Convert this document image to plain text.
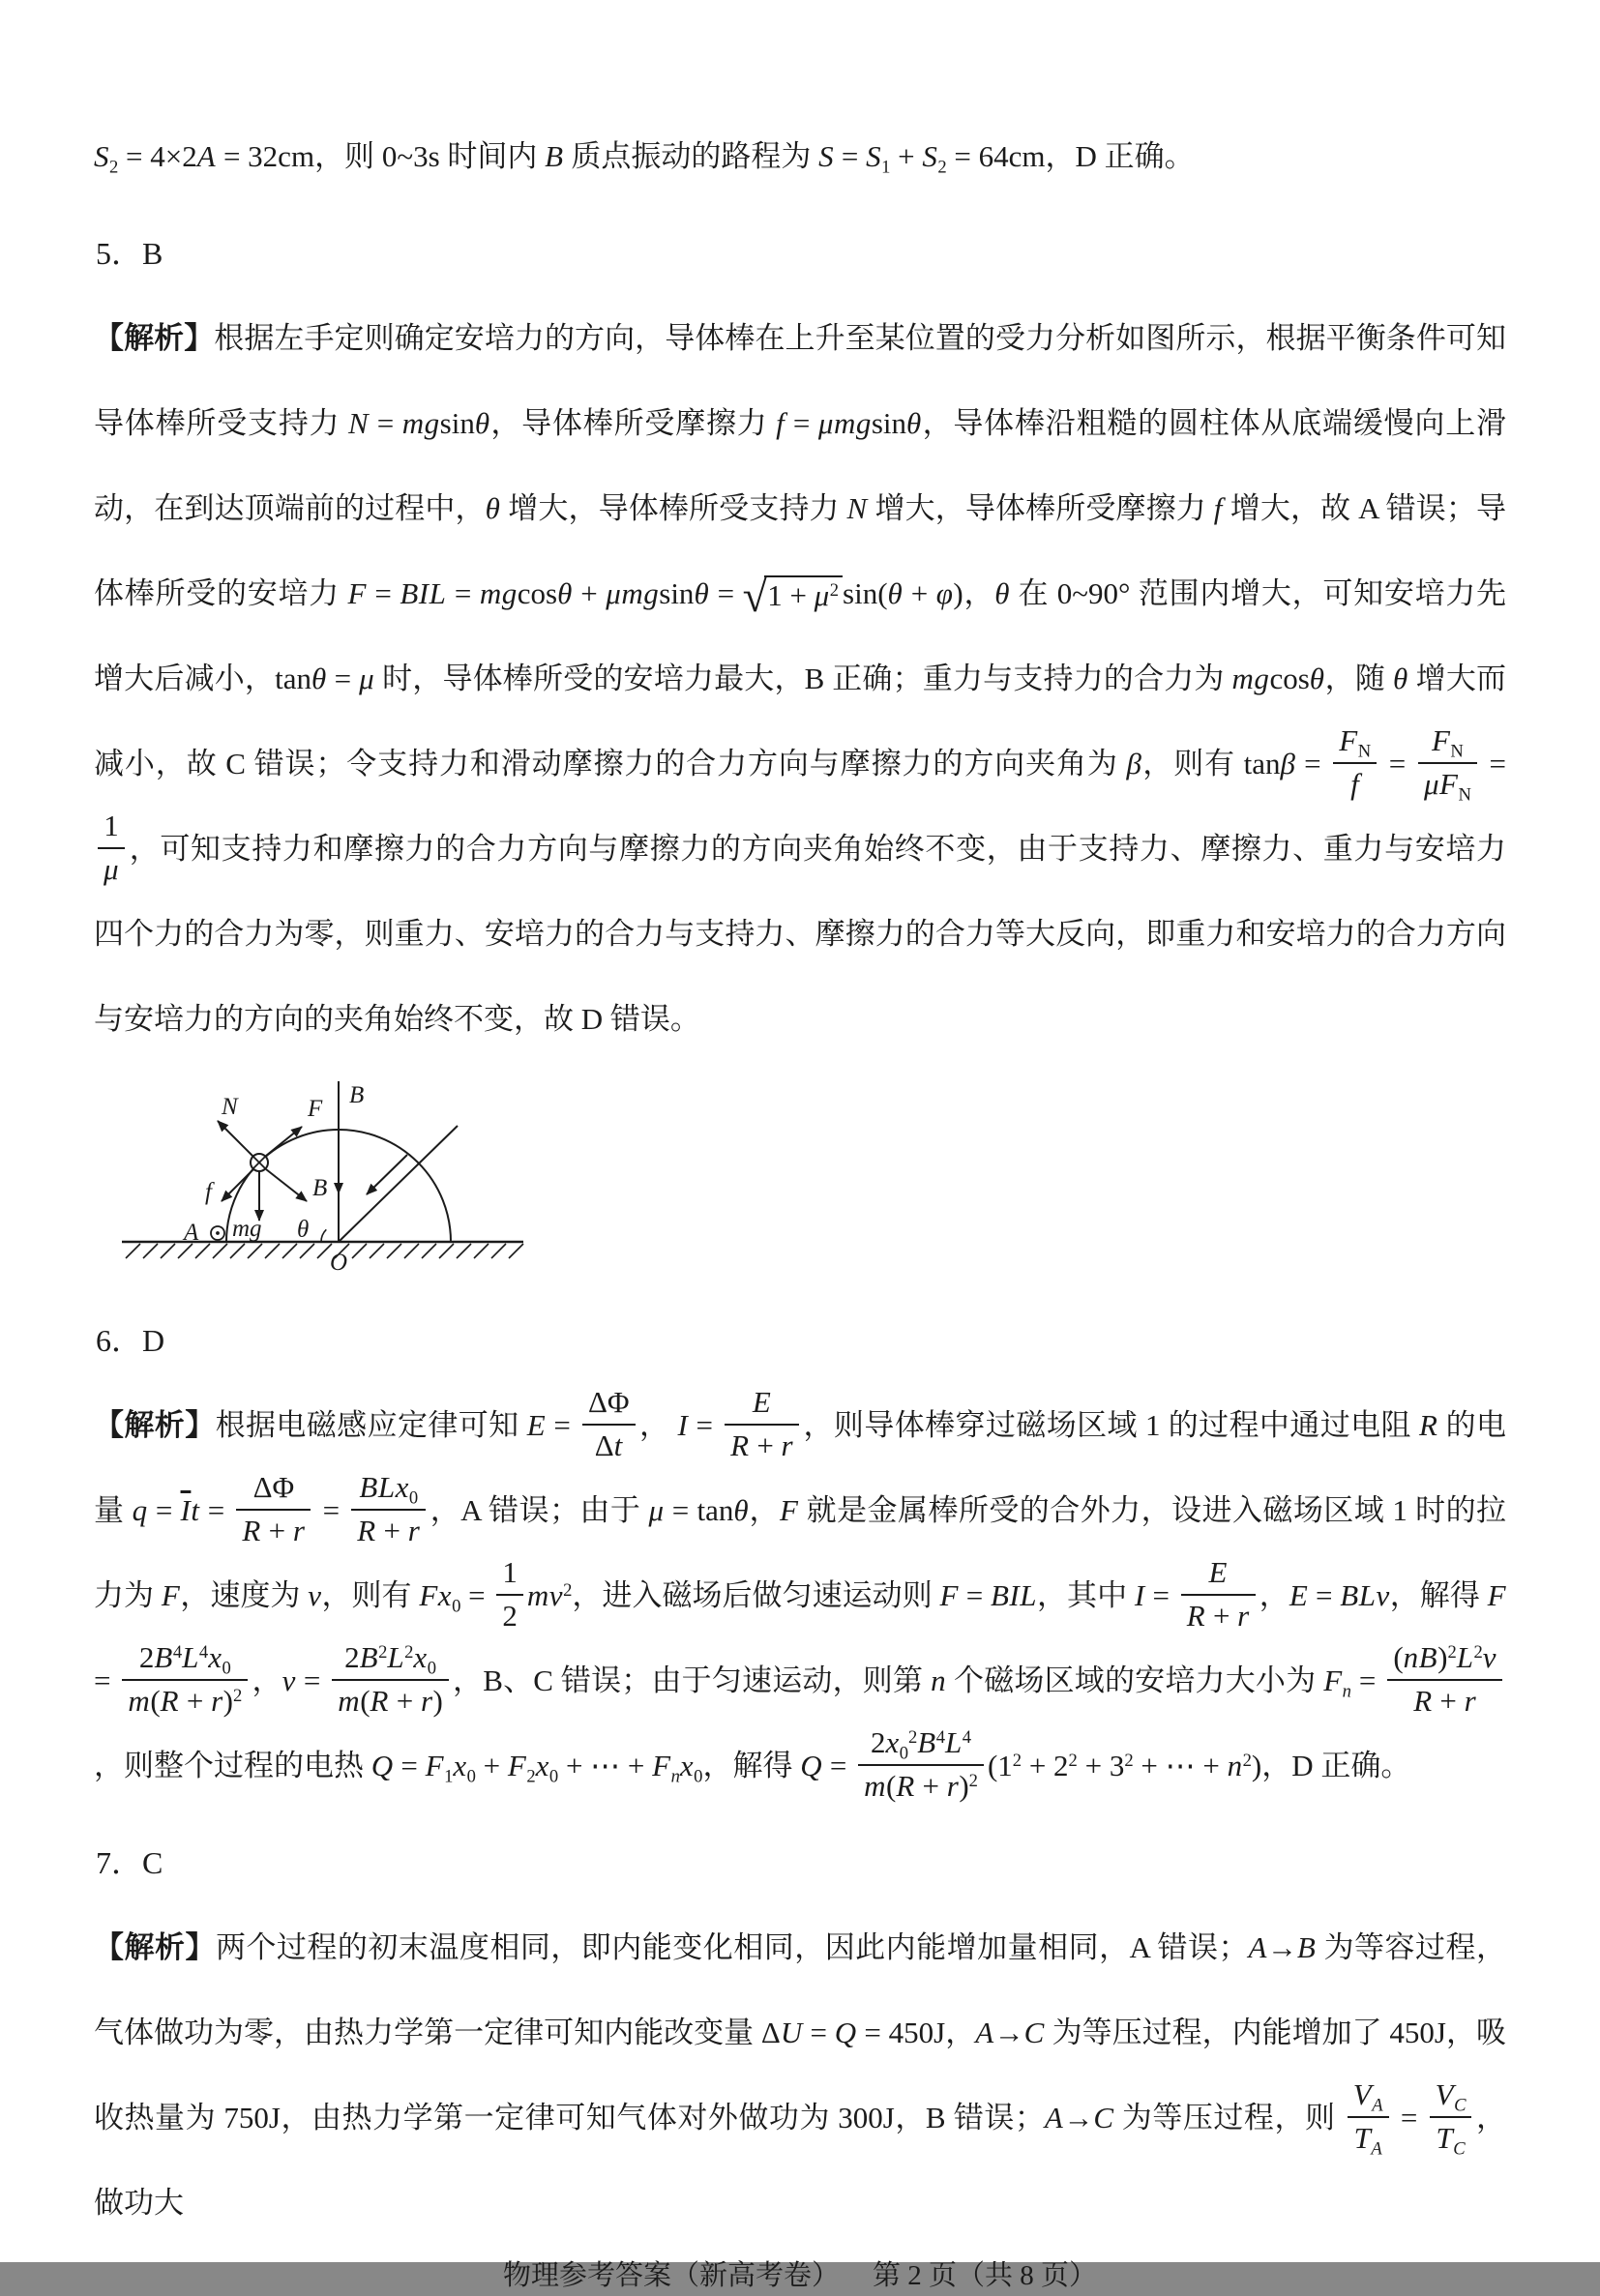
$S_2 = 4\times 2A = 32cm$，则 0~3s 时间内 B 质点振动的路程为 $S = S_1 + S_2 = 64cm$，D 正确。

5．B

【解析】根据左手定则确定安培力的方向，导体棒在上升至某位置的受力分析如图所示，根据平衡条件可知导体棒所受支持力 N = mgsinθ，导体棒所受摩擦力 f = μmgsinθ，导体棒沿粗糙的圆柱体从底端缓慢向上滑动，在到达顶端前的过程中，θ 增大，导体棒所受支持力 N 增大，导体棒所受摩擦力 f 增大，故 A 错误；导体棒所受的安培力 F = BIL = $mgcos\theta + \mu mgsin\theta = √1 + \mu^2$ sin(θ + φ)，θ 在 0~90° 范围内增大，可知安培力先增大后减小，tanθ = μ 时，导体棒所受的安培力最大，B 正确；重力与支持力的合力为 mgcosθ，随 θ 增大而减小，故 C 错误；令支持力和滑动摩擦力的合力方向与摩擦力的方向夹角为 β，则有 $\tan\beta = \frac{F_N}{f} = \frac{F_N}{\mu F_N}$ =
$\frac{1}{\mu}$ ，可知支持力和摩擦力的合力方向与摩擦力的方向夹角始终不变，由于支持力、摩擦力、重力与安培力四个力的合力为零，则重力、安培力的合力与支持力、摩擦力的合力等大反向，即重力和安培力的合力方向与安培力的方向的夹角始终不变，故 D 错误。

B
N	F
f
mg
B
θ
O
A

6．D

【解析】根据电磁感应定律可知 $E = \frac{\Delta\Phi}{\Delta t}$ ， $I = \frac{E}{R + r}$ ，则导体棒穿过磁场区域 1 的过程中通过电阻 R 的电量 $q = \overline{I}t = \frac{\Delta\Phi}{R + r} = \frac{BLx_0}{R + r}$ ，A 错误；由于 μ = tanθ，F 就是金属棒所受的合外力，设进入磁场区域 1 时的拉力为 F，速度为 v，则有 $Fx_0 = \frac{1}{2} mv^2$，进入磁场后做匀速运动则 F = BIL，其中 $I = \frac{E}{R + r}$ ，E = BLv，解得 $F = \frac{2B^4L^4x_0}{m(R + r)^2}$ ，$v = \frac{2B^2L^2x_0}{m(R + r)}$ ，B、C 错误；由于匀速运动，则第 n 个磁场区域的安培力大小为 $F_n = \frac{(nB)^2L^2v}{R + r}$
，则整个过程的电热 $Q = F_1x_0 + F_2x_0$ + ⋯ + $F_nx_0$，解得 $Q = \frac{2x_0^2B^4L^4}{m(R + r)^2} (1^2 + 2^2 + 3^2$ + ⋯ + $n^2$)，D 正确。

7．C

【解析】两个过程的初末温度相同，即内能变化相同，因此内能增加量相同，A 错误；A→B 为等容过程，气体做功为零，由热力学第一定律可知内能改变量 ΔU = Q = 450J，A→C 为等压过程，内能增加了 450J，吸收热量为 750J，由热力学第一定律可知气体对外做功为 300J，B 错误；A→C 为等压过程，则 $\frac{V_A}{T_A} = \frac{V_C}{T_C}$ ，做功大

物理参考答案（新高考卷） 第 2 页（共 8 页）
